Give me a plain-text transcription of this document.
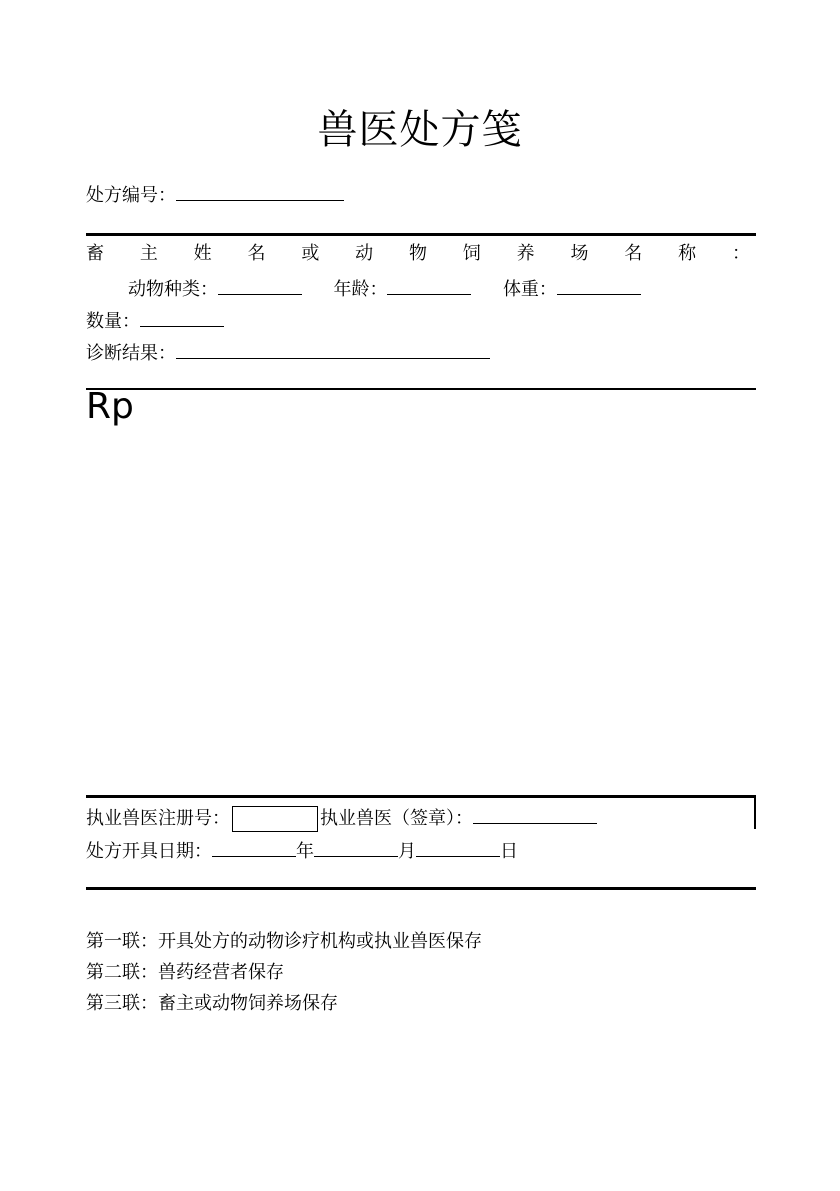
兽医处方笺
处方编号：
畜 主 姓 名 或 动 物 饲 养 场 名 称 ：
动物种类：	年龄：	体重：
数量：
诊断结果：
Rp
执业兽医注册号：	执业兽医（签章）：
处方开具日期：	年	月	日
第一联：开具处方的动物诊疗机构或执业兽医保存
第二联：兽药经营者保存
第三联：畜主或动物饲养场保存
